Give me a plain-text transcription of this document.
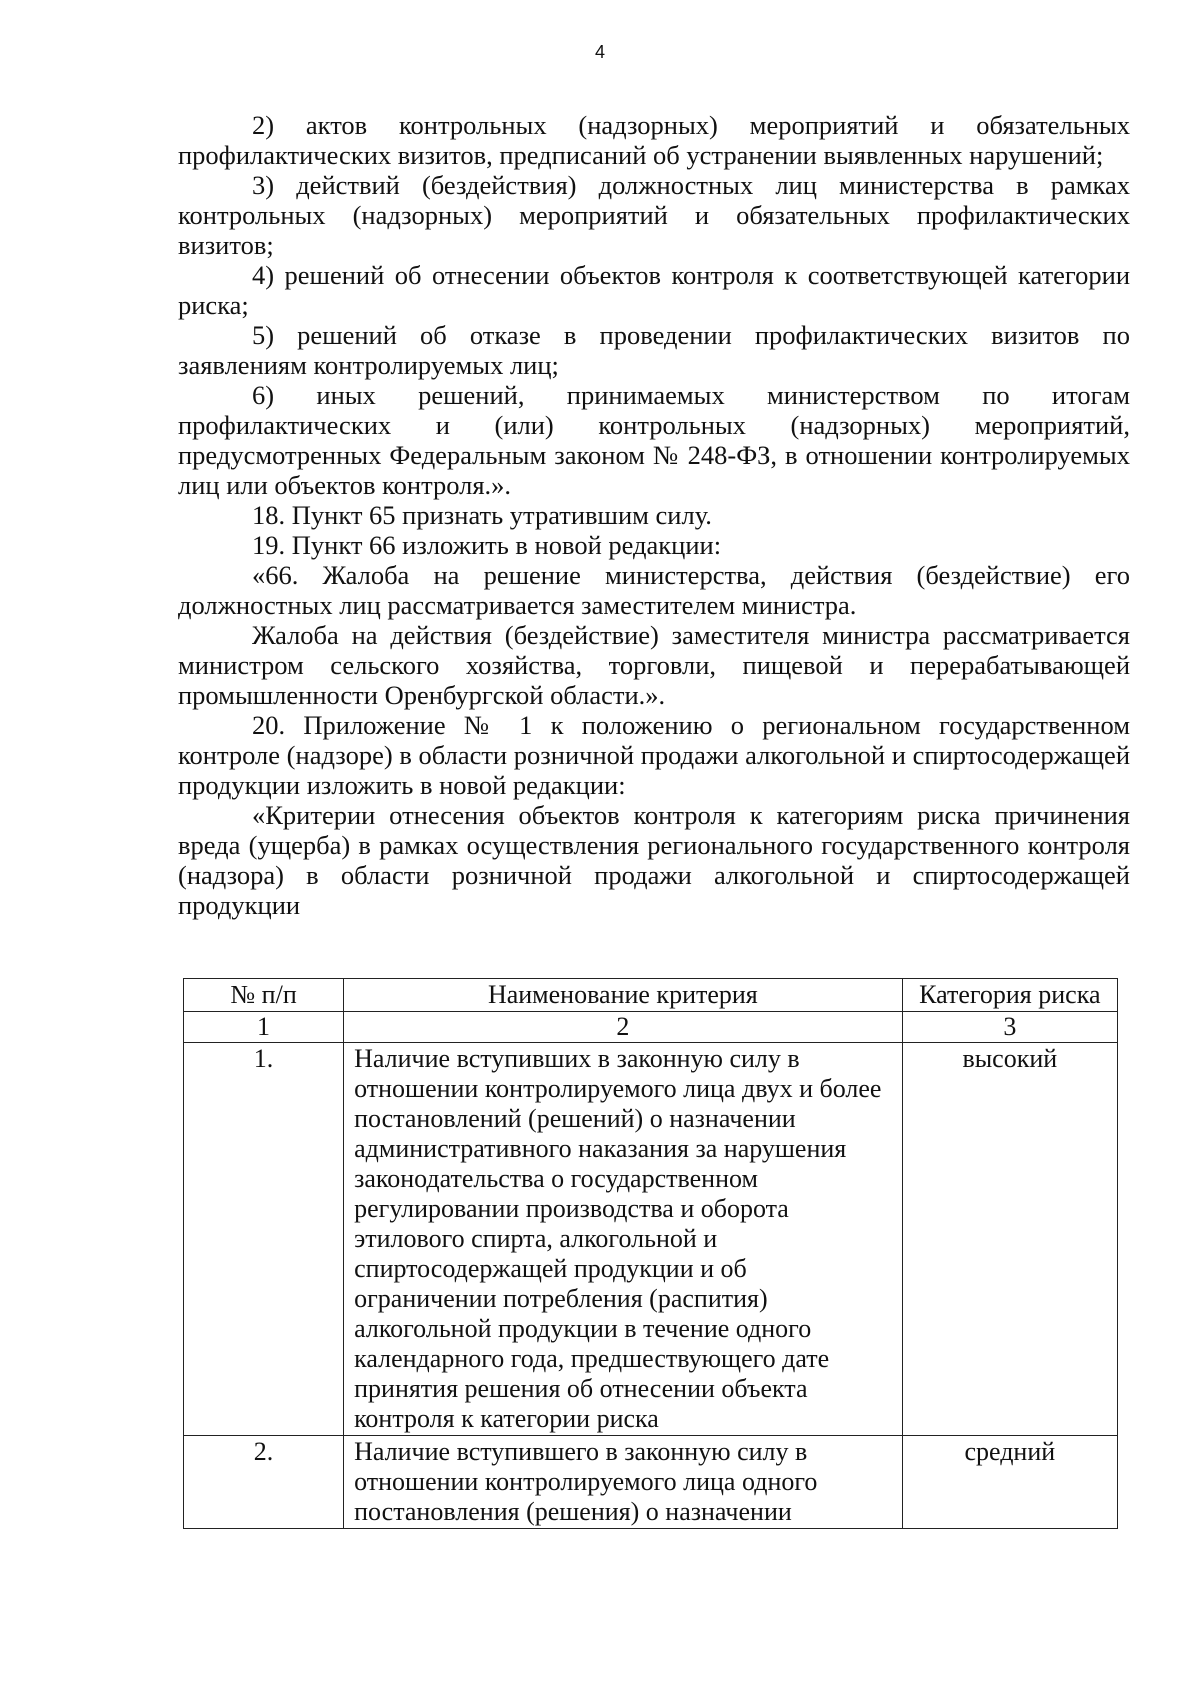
4

2) актов контрольных (надзорных) мероприятий и обязательных профилактических визитов, предписаний об устранении выявленных нарушений;

3) действий (бездействия) должностных лиц министерства в рамках контрольных (надзорных) мероприятий и обязательных профилактических визитов;

4) решений об отнесении объектов контроля к соответствующей категории риска;

5) решений об отказе в проведении профилактических визитов по заявлениям контролируемых лиц;

6) иных решений, принимаемых министерством по итогам профилактических и (или) контрольных (надзорных) мероприятий, предусмотренных Федеральным законом № 248-ФЗ, в отношении контролируемых лиц или объектов контроля.».

18. Пункт 65 признать утратившим силу.

19. Пункт 66 изложить в новой редакции:

«66. Жалоба на решение министерства, действия (бездействие) его должностных лиц рассматривается заместителем министра.

Жалоба на действия (бездействие) заместителя министра рассматривается министром сельского хозяйства, торговли, пищевой и перерабатывающей промышленности Оренбургской области.».

20. Приложение № 1 к положению о региональном государственном контроле (надзоре) в области розничной продажи алкогольной и спиртосодержащей продукции изложить в новой редакции:

«Критерии отнесения объектов контроля к категориям риска причинения вреда (ущерба) в рамках осуществления регионального государственного контроля (надзора) в области розничной продажи алкогольной и спиртосодержащей продукции

№ п/п	Наименование критерия	Категория риска
1	2	3
1.	Наличие вступивших в законную силу в отношении контролируемого лица двух и более постановлений (решений) о назначении административного наказания за нарушения законодательства о государственном регулировании производства и оборота этилового спирта, алкогольной и спиртосодержащей продукции и об ограничении потребления (распития) алкогольной продукции в течение одного календарного года, предшествующего дате принятия решения об отнесении объекта контроля к категории риска	высокий
2.	Наличие вступившего в законную силу в отношении контролируемого лица одного постановления (решения) о назначении	средний
